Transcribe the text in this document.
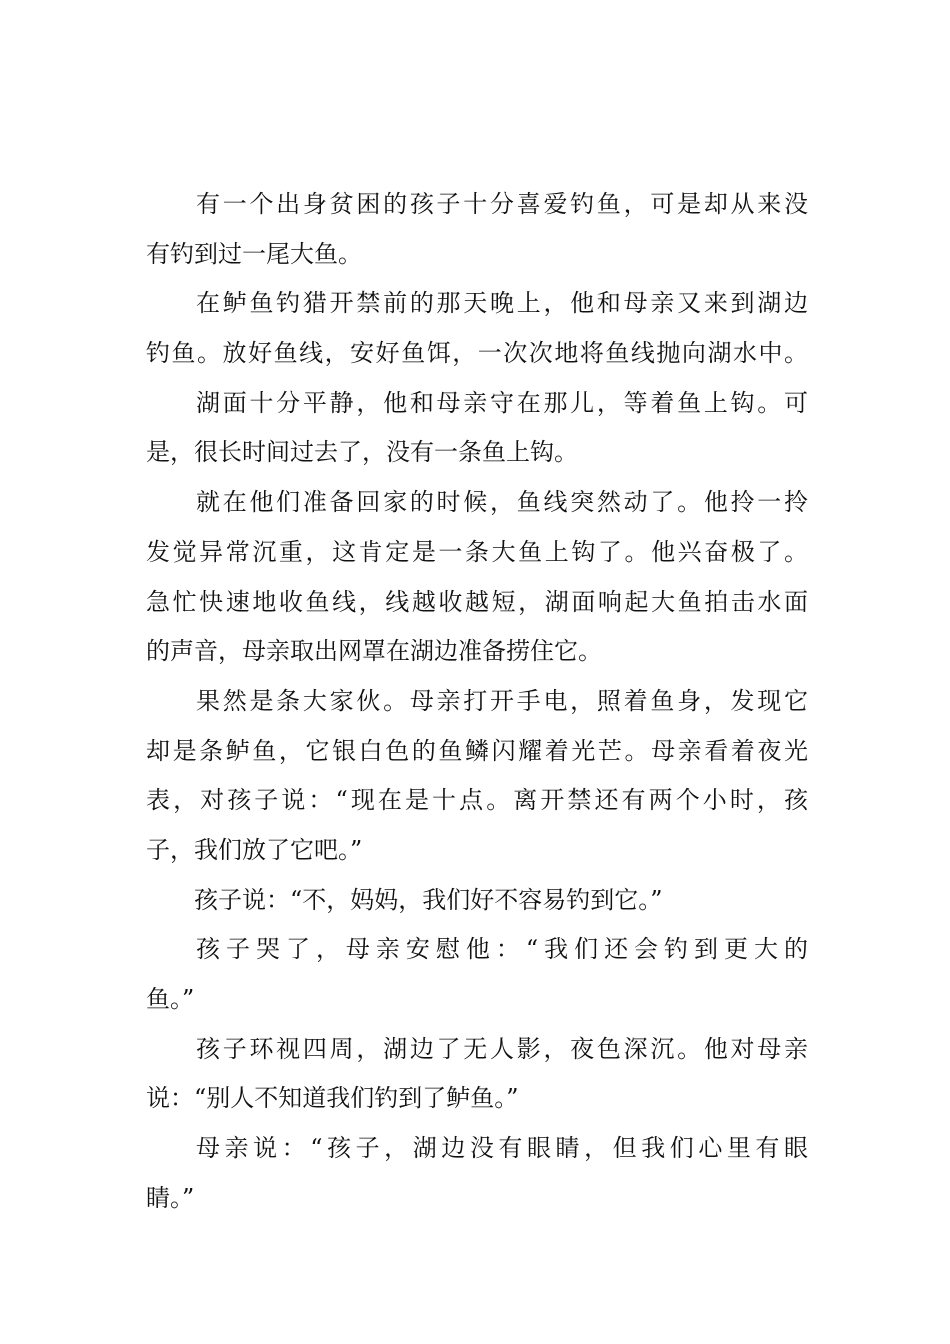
有一个出身贫困的孩子十分喜爱钓鱼，可是却从来没
有钓到过一尾大鱼。
在鲈鱼钓猎开禁前的那天晚上，他和母亲又来到湖边
钓鱼。放好鱼线，安好鱼饵，一次次地将鱼线抛向湖水中。
湖面十分平静，他和母亲守在那儿，等着鱼上钩。可
是，很长时间过去了，没有一条鱼上钩。
就在他们准备回家的时候，鱼线突然动了。他拎一拎
发觉异常沉重，这肯定是一条大鱼上钩了。他兴奋极了。
急忙快速地收鱼线，线越收越短，湖面响起大鱼拍击水面
的声音，母亲取出网罩在湖边准备捞住它。
果然是条大家伙。母亲打开手电，照着鱼身，发现它
却是条鲈鱼，它银白色的鱼鳞闪耀着光芒。母亲看着夜光
表，对孩子说：“现在是十点。离开禁还有两个小时，孩
子，我们放了它吧。”
孩子说：“不，妈妈，我们好不容易钓到它。”
孩子哭了，母亲安慰他：“我们还会钓到更大的
鱼。”
孩子环视四周，湖边了无人影，夜色深沉。他对母亲
说：“别人不知道我们钓到了鲈鱼。”
母亲说：“孩子，湖边没有眼睛，但我们心里有眼
睛。”
